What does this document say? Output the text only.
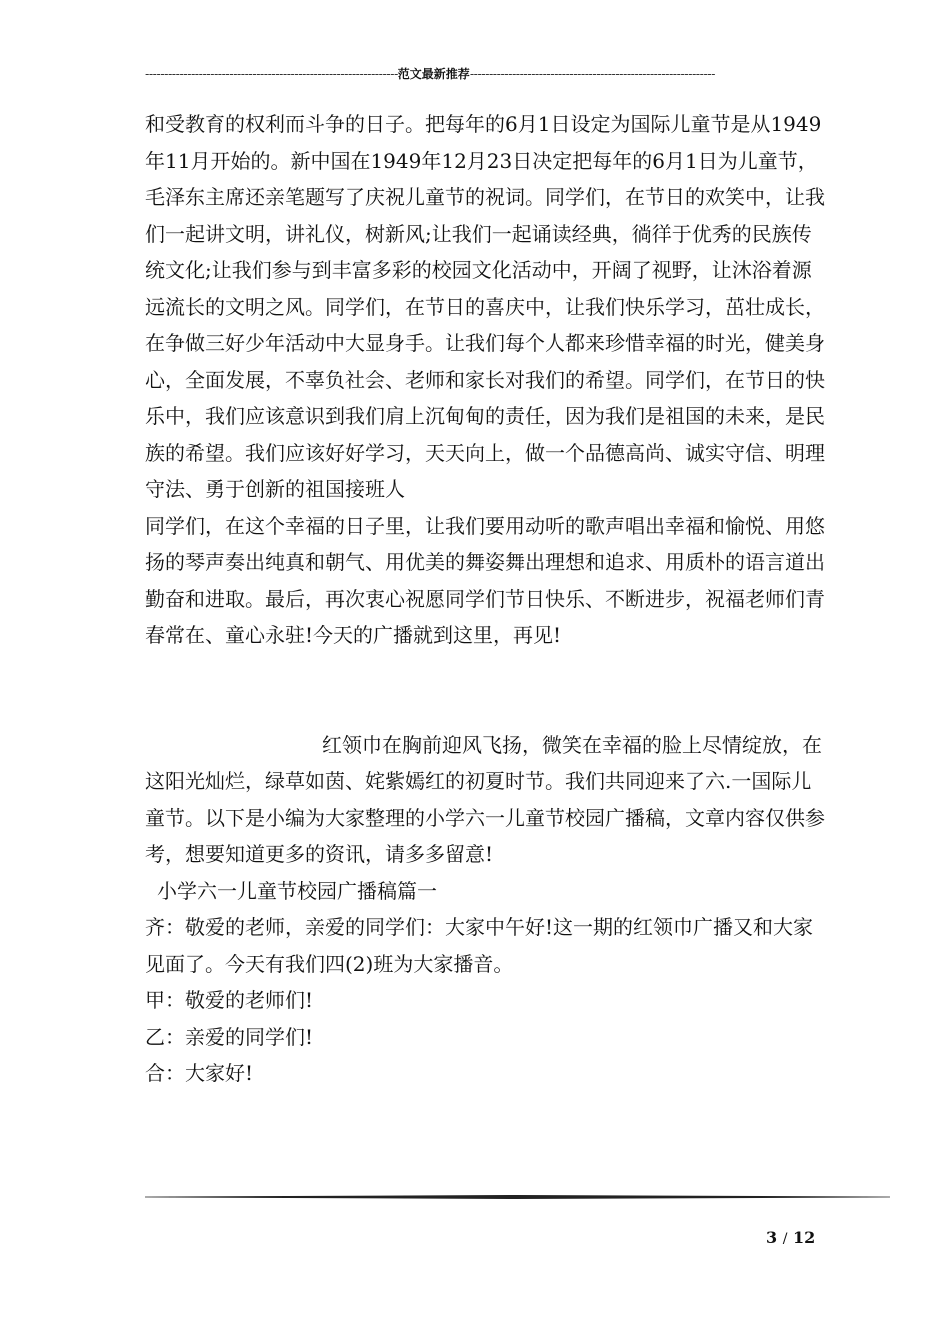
------------------------------------------------------------------范文最新推荐----------------------------------------------------------------

和受教育的权利而斗争的日子。把每年的6月1日设定为国际儿童节是从1949年11月开始的。新中国在1949年12月23日决定把每年的6月1日为儿童节，毛泽东主席还亲笔题写了庆祝儿童节的祝词。同学们，在节日的欢笑中，让我们一起讲文明，讲礼仪，树新风;让我们一起诵读经典，徜徉于优秀的民族传统文化;让我们参与到丰富多彩的校园文化活动中，开阔了视野，让沐浴着源远流长的文明之风。同学们，在节日的喜庆中，让我们快乐学习，茁壮成长，在争做三好少年活动中大显身手。让我们每个人都来珍惜幸福的时光，健美身心，全面发展，不辜负社会、老师和家长对我们的希望。同学们，在节日的快乐中，我们应该意识到我们肩上沉甸甸的责任，因为我们是祖国的未来，是民族的希望。我们应该好好学习，天天向上，做一个品德高尚、诚实守信、明理守法、勇于创新的祖国接班人

同学们，在这个幸福的日子里，让我们要用动听的歌声唱出幸福和愉悦、用悠扬的琴声奏出纯真和朝气、用优美的舞姿舞出理想和追求、用质朴的语言道出勤奋和进取。最后，再次衷心祝愿同学们节日快乐、不断进步，祝福老师们青春常在、童心永驻!今天的广播就到这里，再见!

红领巾在胸前迎风飞扬，微笑在幸福的脸上尽情绽放，在这阳光灿烂，绿草如茵、姹紫嫣红的初夏时节。我们共同迎来了六.一国际儿童节。以下是小编为大家整理的小学六一儿童节校园广播稿，文章内容仅供参考，想要知道更多的资讯，请多多留意!

小学六一儿童节校园广播稿篇一

齐：敬爱的老师，亲爱的同学们：大家中午好!这一期的红领巾广播又和大家见面了。今天有我们四(2)班为大家播音。

甲：敬爱的老师们!

乙：亲爱的同学们!

合：大家好!

3 / 12
